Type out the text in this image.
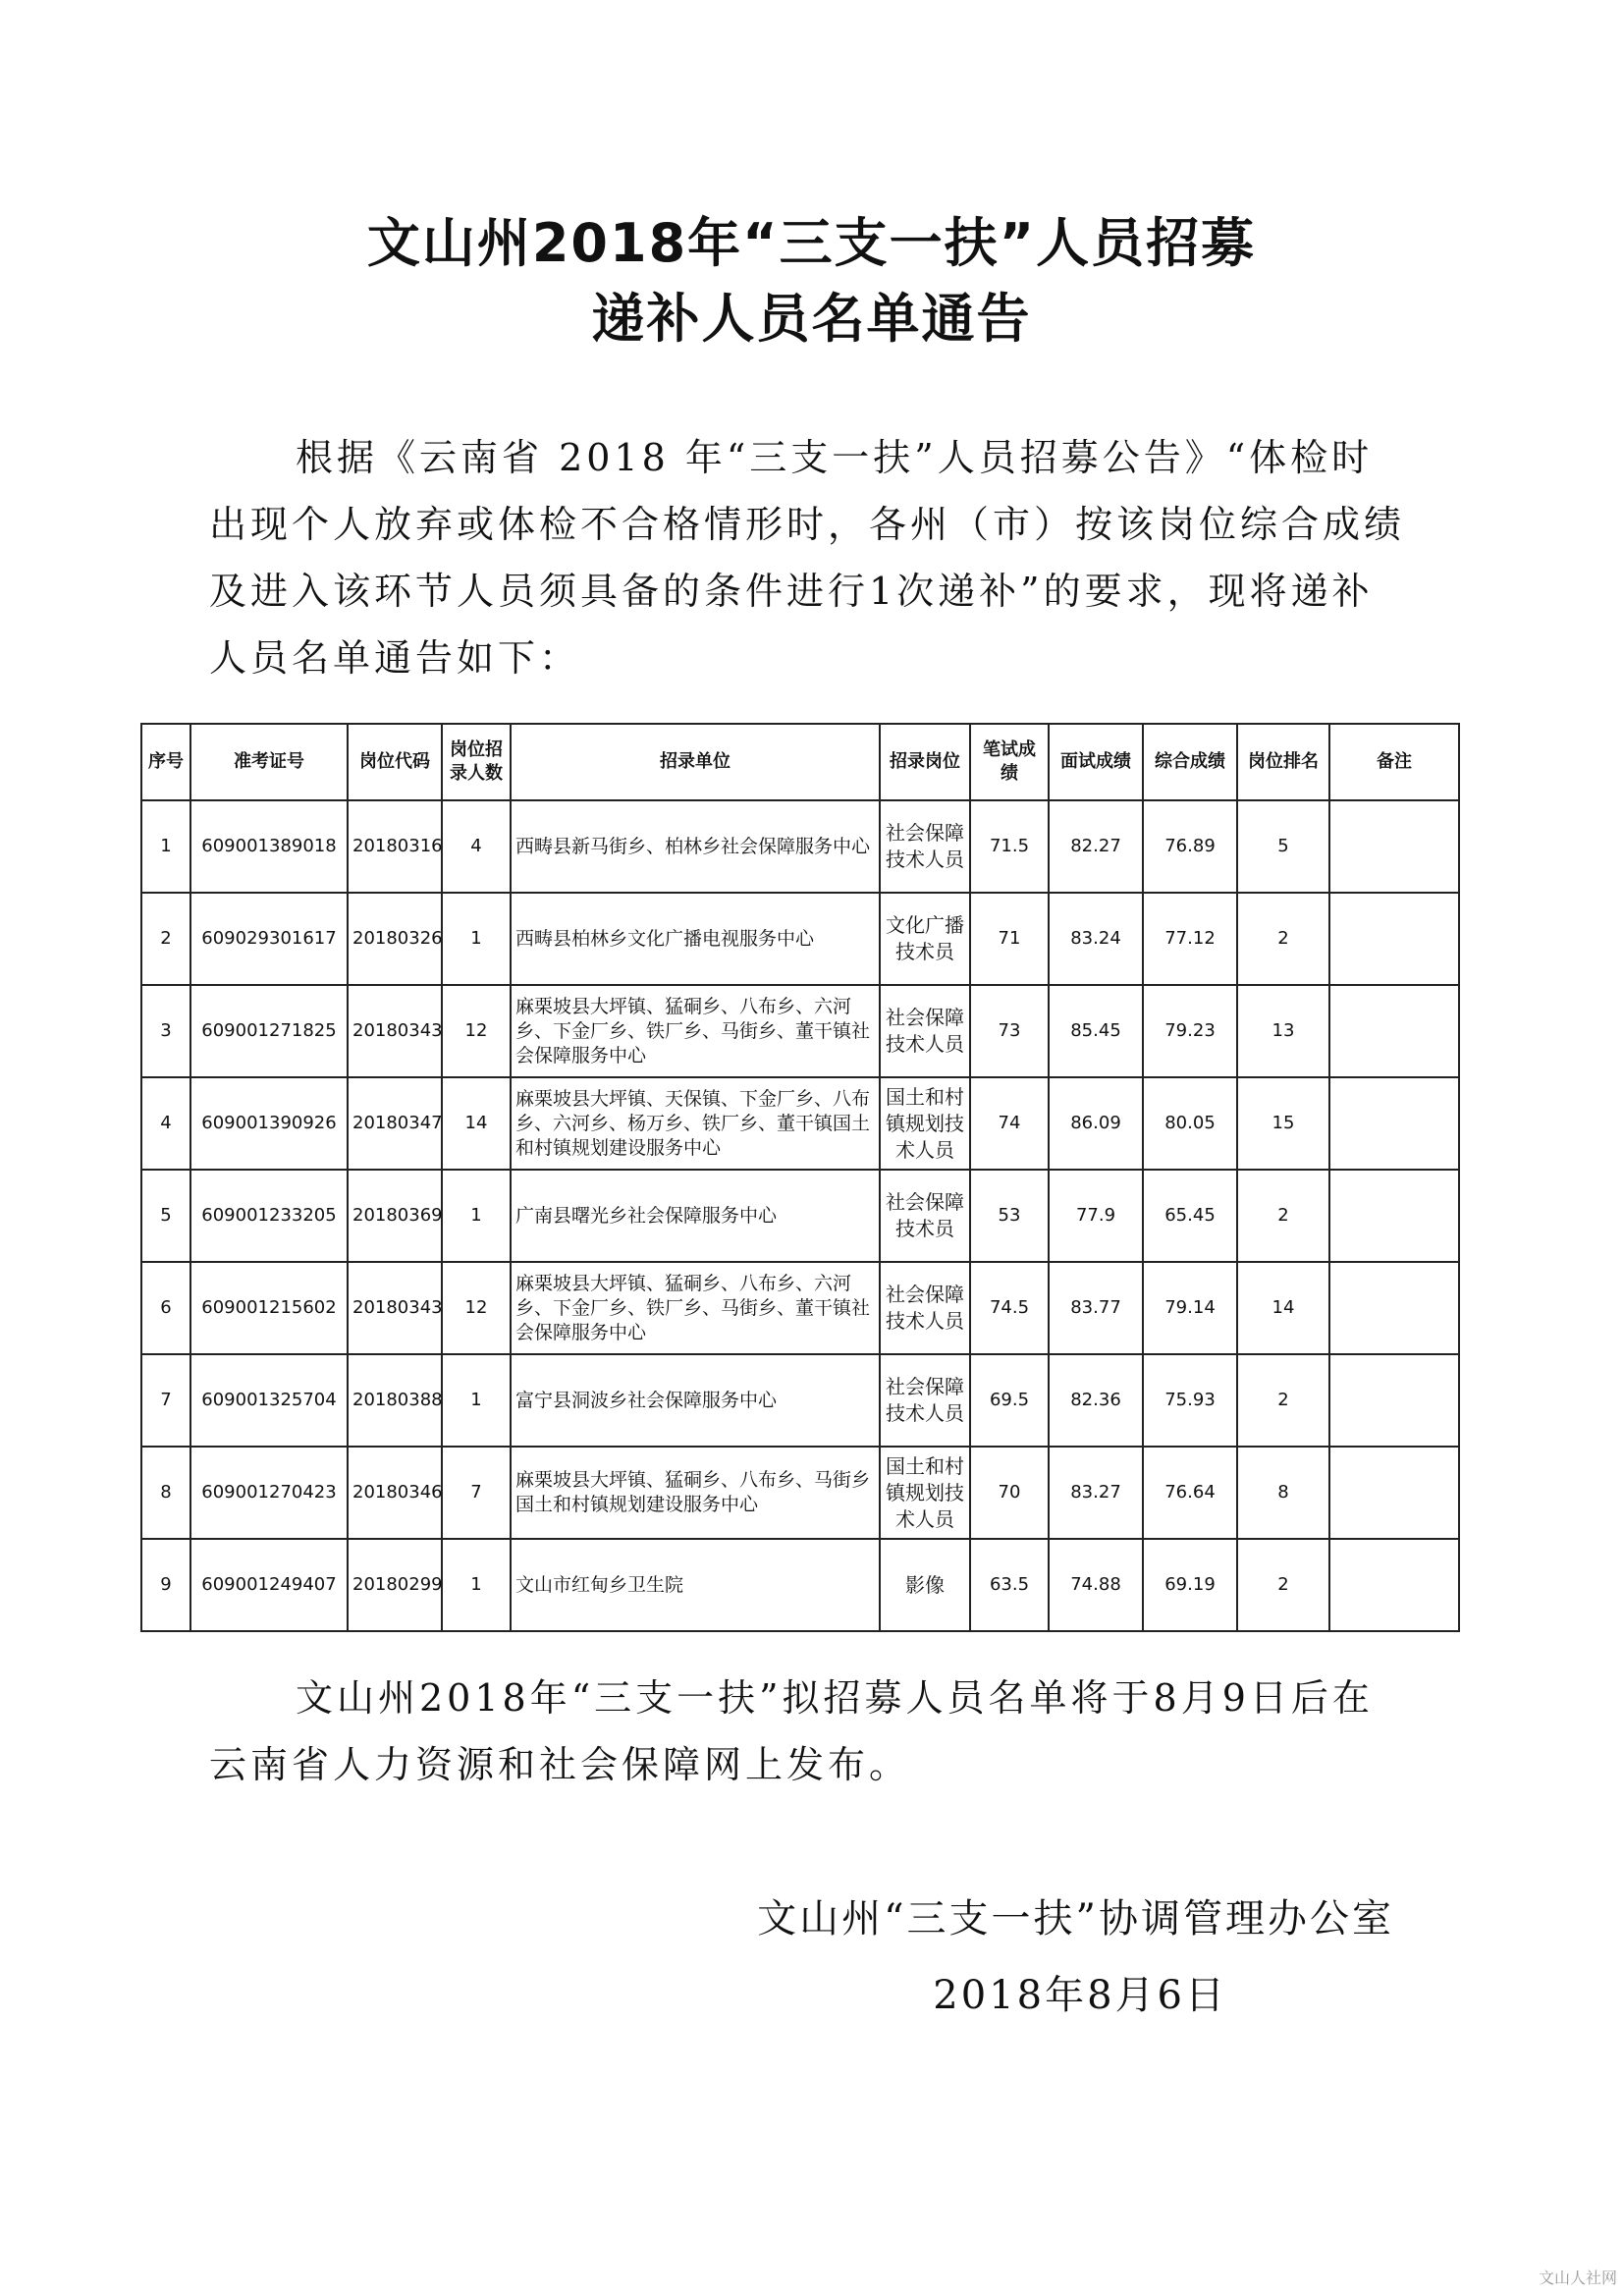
文山州2018年“三支一扶”人员招募
递补人员名单通告

根据《云南省 2018 年“三支一扶”人员招募公告》“体检时出现个人放弃或体检不合格情形时，各州（市）按该岗位综合成绩及进入该环节人员须具备的条件进行1次递补”的要求，现将递补人员名单通告如下：

序号	准考证号	岗位代码	岗位招录人数	招录单位	招录岗位	笔试成绩	面试成绩	综合成绩	岗位排名	备注
1	609001389018	20180316	4	西畴县新马街乡、柏林乡社会保障服务中心	社会保障技术人员	71.5	82.27	76.89	5	
2	609029301617	20180326	1	西畴县柏林乡文化广播电视服务中心	文化广播技术员	71	83.24	77.12	2	
3	609001271825	20180343	12	麻栗坡县大坪镇、猛硐乡、八布乡、六河乡、下金厂乡、铁厂乡、马街乡、董干镇社会保障服务中心	社会保障技术人员	73	85.45	79.23	13	
4	609001390926	20180347	14	麻栗坡县大坪镇、天保镇、下金厂乡、八布乡、六河乡、杨万乡、铁厂乡、董干镇国土和村镇规划建设服务中心	国土和村镇规划技术人员	74	86.09	80.05	15	
5	609001233205	20180369	1	广南县曙光乡社会保障服务中心	社会保障技术员	53	77.9	65.45	2	
6	609001215602	20180343	12	麻栗坡县大坪镇、猛硐乡、八布乡、六河乡、下金厂乡、铁厂乡、马街乡、董干镇社会保障服务中心	社会保障技术人员	74.5	83.77	79.14	14	
7	609001325704	20180388	1	富宁县洞波乡社会保障服务中心	社会保障技术人员	69.5	82.36	75.93	2	
8	609001270423	20180346	7	麻栗坡县大坪镇、猛硐乡、八布乡、马街乡国土和村镇规划建设服务中心	国土和村镇规划技术人员	70	83.27	76.64	8	
9	609001249407	20180299	1	文山市红甸乡卫生院	影像	63.5	74.88	69.19	2	

文山州2018年“三支一扶”拟招募人员名单将于8月9日后在云南省人力资源和社会保障网上发布。

文山州“三支一扶”协调管理办公室

2018年8月6日

文山人社网
